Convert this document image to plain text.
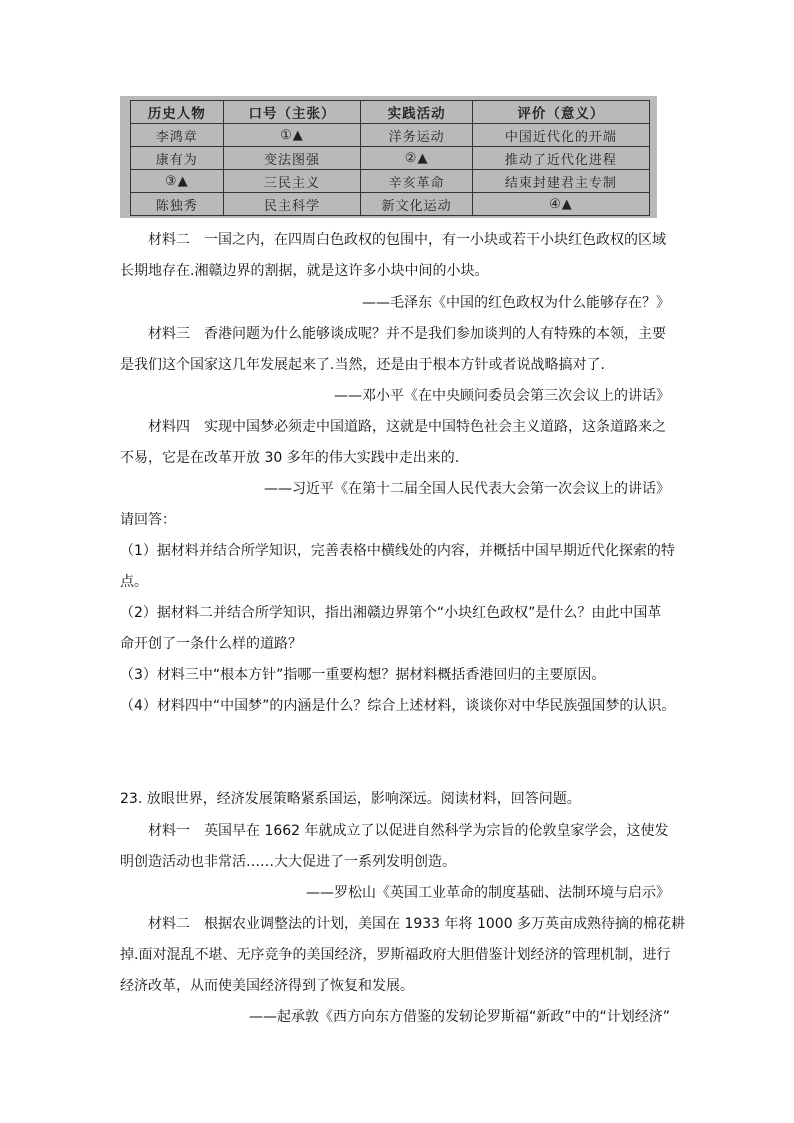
历史人物	口号（主张）	实践活动	评价（意义）
李鸿章	①▲	洋务运动	中国近代化的开端
康有为	变法图强	②▲	推动了近代化进程
③▲	三民主义	辛亥革命	结束封建君主专制
陈独秀	民主科学	新文化运动	④▲
材料二　一国之内，在四周白色政权的包围中，有一小块或若干小块红色政权的区域
长期地存在.湘赣边界的割据，就是这许多小块中间的小块。
——毛泽东《中国的红色政权为什么能够存在？》
材料三　香港问题为什么能够谈成呢？并不是我们参加谈判的人有特殊的本领，主要
是我们这个国家这几年发展起来了.当然，还是由于根本方针或者说战略搞对了.
——邓小平《在中央顾问委员会第三次会议上的讲话》
材料四　实现中国梦必须走中国道路，这就是中国特色社会主义道路，这条道路来之
不易，它是在改革开放 30 多年的伟大实践中走出来的.
——习近平《在第十二届全国人民代表大会第一次会议上的讲话》
请回答：
（1）据材料并结合所学知识，完善表格中横线处的内容，并概括中国早期近代化探索的特
点。
（2）据材料二并结合所学知识，指出湘赣边界第个“小块红色政权”是什么？由此中国革
命开创了一条什么样的道路？
（3）材料三中“根本方针”指哪一重要构想？据材料概括香港回归的主要原因。
（4）材料四中“中国梦”的内涵是什么？综合上述材料，谈谈你对中华民族强国梦的认识。
23. 放眼世界，经济发展策略紧系国运，影响深远。阅读材料，回答问题。
材料一　英国早在 1662 年就成立了以促进自然科学为宗旨的伦敦皇家学会，这使发
明创造活动也非常活……大大促进了一系列发明创造。
——罗松山《英国工业革命的制度基础、法制环境与启示》
材料二　根据农业调整法的计划，美国在 1933 年将 1000 多万英亩成熟待摘的棉花耕
掉.面对混乱不堪、无序竞争的美国经济，罗斯福政府大胆借鉴计划经济的管理机制，进行
经济改革，从而使美国经济得到了恢复和发展。
——起承敦《西方向东方借鉴的发轫论罗斯福“新政”中的“计划经济”
